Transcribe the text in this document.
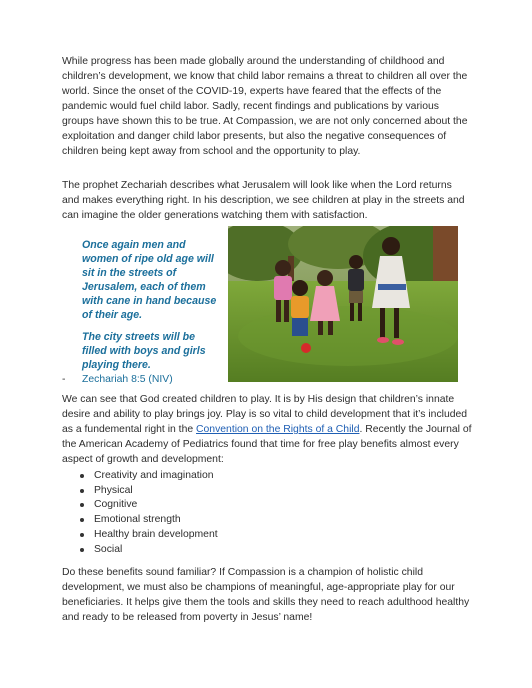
While progress has been made globally around the understanding of childhood and children’s development, we know that child labor remains a threat to children all over the world. Since the onset of the COVID-19, experts have feared that the effects of the pandemic would fuel child labor. Sadly, recent findings and publications by various groups have shown this to be true. At Compassion, we are not only concerned about the exploitation and danger child labor presents, but also the negative consequences of children being kept away from school and the opportunity to play.

The prophet Zechariah describes what Jerusalem will look like when the Lord returns and makes everything right. In his description, we see children at play in the streets and can imagine the older generations watching them with satisfaction.

Once again men and women of ripe old age will sit in the streets of Jerusalem, each of them with cane in hand because of their age.

The city streets will be filled with boys and girls playing there.

- Zechariah 8:5 (NIV)

We can see that God created children to play. It is by His design that children’s innate desire and ability to play brings joy. Play is so vital to child development that it’s included as a fundemental right in the Convention on the Rights of a Child. Recently the Journal of the American Academy of Pediatrics found that time for free play benefits almost every aspect of growth and development:

Creativity and imagination
Physical
Cognitive
Emotional strength
Healthy brain development
Social

Do these benefits sound familiar? If Compassion is a champion of holistic child development, we must also be champions of meaningful, age-appropriate play for our beneficiaries. It helps give them the tools and skills they need to reach adulthood healthy and ready to be released from poverty in Jesus’ name!
